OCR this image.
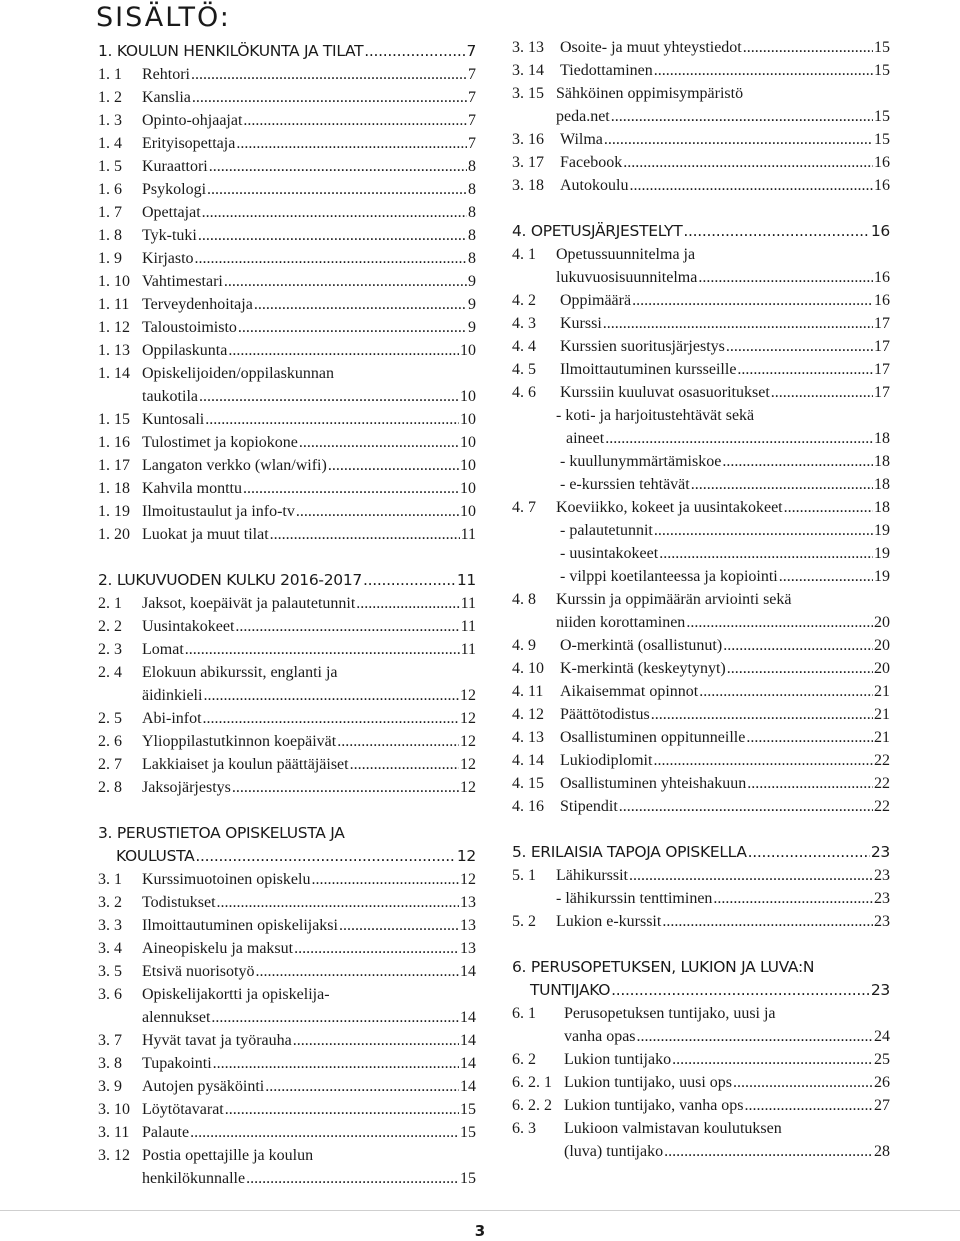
SISÄLTÖ:
1. KOULUN HENKILÖKUNTA JA TILAT .....	7
1. 1	Rehtori .....	7
1. 2	Kanslia .....	7
1. 3	Opinto-ohjaajat .....	7
1. 4	Erityisopettaja .....	7
1. 5	Kuraattori .....	8
1. 6	Psykologi .....	8
1. 7	Opettajat .....	8
1. 8	Tyk-tuki .....	8
1. 9	Kirjasto .....	8
1. 10 Vahtimestari .....	9
1. 11 Terveydenhoitaja .....	9
1. 12 Taloustoimisto .....	9
1. 13 Oppilaskunta .....	10
1. 14 Opiskelijoiden/oppilaskunnan
taukotila .....	10
1. 15 Kuntosali .....	10
1. 16 Tulostimet ja kopiokone .....	10
1. 17 Langaton verkko (wlan/wifi) .....	10
1. 18 Kahvila monttu .....	10
1. 19 Ilmoitustaulut ja info-tv .....	10
1. 20 Luokat ja muut tilat .....	11
2. LUKUVUODEN KULKU 2016-2017 .....	11
2. 1	Jaksot, koepäivät ja palautetunnit .....	11
2. 2	Uusintakokeet .....	11
2. 3	Lomat .....	11
2. 4	Elokuun abikurssit, englanti ja
äidinkieli .....	12
2. 5	Abi-infot .....	12
2. 6	Ylioppilastutkinnon koepäivät .....	12
2. 7	Lakkiaiset ja koulun päättäjäiset .....	12
2. 8	Jaksojärjestys .....	12
3. PERUSTIETOA OPISKELUSTA JA
KOULUSTA .....	12
3. 1	Kurssimuotoinen opiskelu .....	12
3. 2	Todistukset .....	13
3. 3	Ilmoittautuminen opiskelijaksi .....	13
3. 4	Aineopiskelu ja maksut .....	13
3. 5	Etsivä nuorisotyö .....	14
3. 6	Opiskelijakortti ja opiskelija-
alennukset .....	14
3. 7	Hyvät tavat ja työrauha .....	14
3. 8	Tupakointi .....	14
3. 9	Autojen pysäköinti .....	14
3. 10 Löytötavarat .....	15
3. 11 Palaute .....	15
3. 12 Postia opettajille ja koulun
henkilökunnalle .....	15
3. 13	Osoite- ja muut yhteystiedot .....	15
3. 14	Tiedottaminen .....	15
3. 15 Sähköinen oppimisympäristö
peda.net .....	15
3. 16	Wilma .....	15
3. 17	Facebook .....	16
3. 18	Autokoulu .....	16
4. OPETUSJÄRJESTELYT .....	16
4. 1	Opetussuunnitelma ja
lukuvuosisuunnitelma .....	16
4. 2	Oppimäärä .....	16
4. 3	Kurssi .....	17
4. 4	Kurssien suoritusjärjestys .....	17
4. 5	Ilmoittautuminen kursseille .....	17
4. 6	Kurssiin kuuluvat osasuoritukset .....	17
- koti- ja harjoitustehtävät sekä
aineet .....	18
- kuullunymmärtämiskoe .....	18
- e-kurssien tehtävät .....	18
4. 7	Koeviikko, kokeet ja uusintakokeet .....	18
- palautetunnit .....	19
- uusintakokeet .....	19
- vilppi koetilanteessa ja kopiointi .....	19
4. 8	Kurssin ja oppimäärän arviointi sekä
niiden korottaminen .....	20
4. 9	O-merkintä (osallistunut) .....	20
4. 10	K-merkintä (keskeytynyt) .....	20
4. 11	Aikaisemmat opinnot .....	21
4. 12	Päättötodistus .....	21
4. 13	Osallistuminen oppitunneille .....	21
4. 14	Lukiodiplomit .....	22
4. 15	Osallistuminen yhteishakuun .....	22
4. 16	Stipendit .....	22
5. ERILAISIA TAPOJA OPISKELLA .....	23
5. 1	Lähikurssit .....	23
- lähikurssin tenttiminen .....	23
5. 2	Lukion e-kurssit .....	23
6. PERUSOPETUKSEN, LUKION JA LUVA:N
TUNTIJAKO .....	23
6. 1	Perusopetuksen tuntijako, uusi ja
vanha opas .....	24
6. 2	Lukion tuntijako .....	25
6. 2. 1 Lukion tuntijako, uusi ops .....	26
6. 2. 2 Lukion tuntijako, vanha ops .....	27
6. 3	Lukioon valmistavan koulutuksen
(luva) tuntijako .....	28
3
